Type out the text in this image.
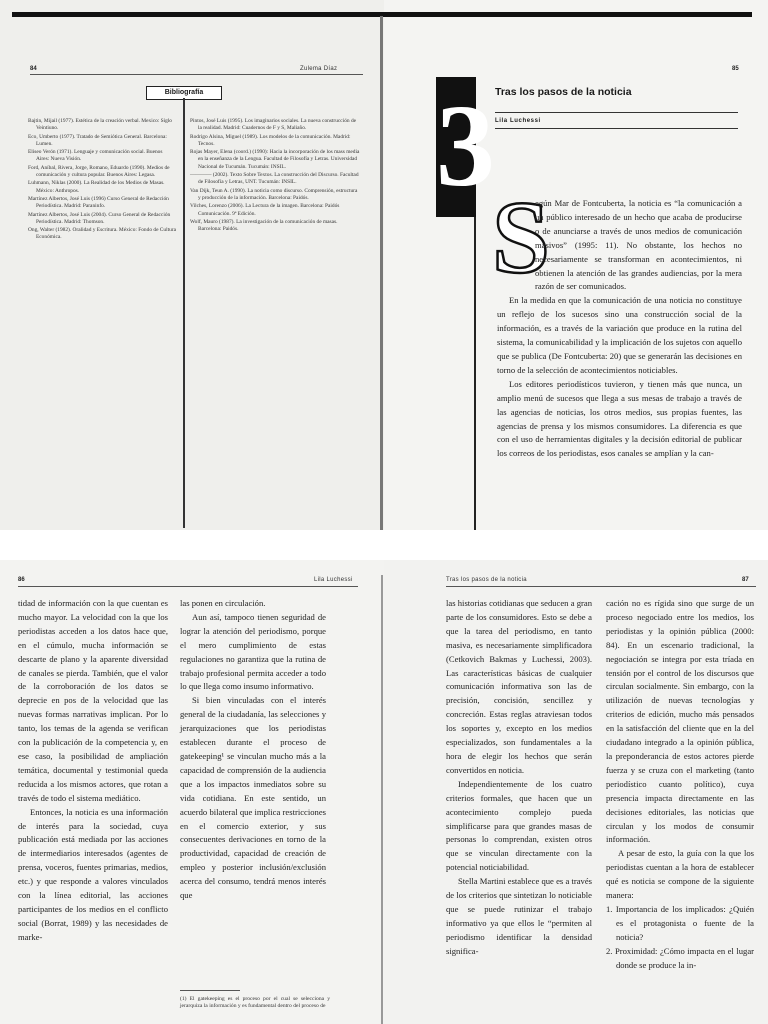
84	Zulema Díaz
Bibliografía

Bajtin, Mijail (1977). Estética de la creación verbal. Mexico: Siglo Veintiuno.

Eco, Umberto (1977). Tratado de Semiótica General. Barcelona: Lumen.

Eliseo Verón (1971). Lenguaje y comunicación social. Buenos Aires: Nueva Visión.

Ford, Aníbal, Rivera, Jorge, Romano, Eduardo (1990). Medios de comunicación y cultura popular. Buenos Aires: Legasa.

Luhmann, Niklas (2000). La Realidad de los Medios de Masas. México: Anthropos.

Martínez Albertos, José Luis (1996) Curso General de Redacción Periodística. Madrid: Paraninfo.

Martínez Albertos, José Luis (2004). Curso General de Redacción Periodística. Madrid: Thomson.

Ong, Walter (1982). Oralidad y Escritura. México: Fondo de Cultura Económica.

Pintos, José Luis (1995). Los imaginarios sociales. La nueva construcción de la realidad. Madrid: Cuadernos de F y S, Maliaño.

Rodrigo Alsina, Miguel (1989). Los modelos de la comunicación. Madrid: Tecnos.

Rojas Mayer, Elena (coord.) (1990): Hacia la incorporación de los mass media en la enseñanza de la Lengua. Facultad de Filosofía y Letras. Universidad Nacional de Tucumán. Tucumán: INSIL.

———— (2002). Texto Sobre Textos. La construcción del Discurso. Facultad de Filosofía y Letras, UNT. Tucumán: INSIL.

Van Dijk, Teun A. (1990). La noticia como discurso. Comprensión, estructura y producción de la información. Barcelona: Paidós.

Vilches, Lorenzo (2006). La Lectura de la imagen. Barcelona: Paidós Comunicación. 9ª Edición.

Wolf, Mauro (1987). La investigación de la comunicación de masas. Barcelona: Paidós.

85
3 Tras los pasos de la noticia
Lila Luchessi
S

egún Mar de Fontcuberta, la noticia es “la comunicación a un público interesado de un hecho que acaba de producirse o de anunciarse a través de unos medios de comunicación masivos” (1995: 11). No obstante, los hechos no necesariamente se transforman en acontecimientos, ni obtienen la atención de las grandes audiencias, por la mera razón de ser comunicados.

En la medida en que la comunicación de una noticia no constituye un reflejo de los sucesos sino una construcción social de la información, es a través de la variación que produce en la rutina del sistema, la comunicabilidad y la implicación de los sujetos con aquello que se publica (De Fontcuberta: 20) que se generarán las decisiones en torno de la selección de acontecimientos noticiables.

Los editores periodísticos tuvieron, y tienen más que nunca, un amplio menú de sucesos que llega a sus mesas de trabajo a través de las agencias de noticias, los otros medios, sus propias fuentes, las agencias de prensa y los mismos consumidores. La diferencia es que con el uso de herramientas digitales y la decisión editorial de publicar los correos de los periodistas, esos canales se amplían y la can-

86	Lila Luchessi

tidad de información con la que cuentan es mucho mayor. La velocidad con la que los periodistas acceden a los datos hace que, en el cúmulo, mucha información se descarte de plano y la aparente diversidad de canales se pierda. También, que el valor de la corroboración de los datos se deprecie en pos de la velocidad que las nuevas formas narrativas implican. Por lo tanto, los temas de la agenda se verifican con la publicación de la competencia y, en ese caso, la posibilidad de ampliación temática, documental y testimonial queda reducida a los mismos actores, que rotan a través de todo el sistema mediático.

Entonces, la noticia es una información de interés para la sociedad, cuya publicación está mediada por las acciones de intermediarios interesados (agentes de prensa, voceros, fuentes primarias, medios, etc.) y que responde a valores vinculados con la línea editorial, las acciones participantes de los medios en el conflicto social (Borrat, 1989) y las necesidades de marke-

las ponen en circulación.

Aun así, tampoco tienen seguridad de lograr la atención del periodismo, porque el mero cumplimiento de estas regulaciones no garantiza que la rutina de trabajo profesional permita acceder a todo lo que llega como insumo informativo.

Si bien vinculadas con el interés general de la ciudadanía, las selecciones y jerarquizaciones que los periodistas establecen durante el proceso de gatekeeping¹ se vinculan mucho más a la capacidad de comprensión de la audiencia que a los impactos inmediatos sobre su vida cotidiana. En este sentido, un acuerdo bilateral que implica restricciones en el comercio exterior, y sus consecuentes derivaciones en torno de la productividad, capacidad de creación de empleo y posterior inclusión/exclusión acerca del consumo, tendrá menos interés que

(1) El gatekeeping es el proceso por el cual se selecciona y jerarquiza la información y es fundamental dentro del proceso de
Tras los pasos de la noticia	87

las historias cotidianas que seducen a gran parte de los consumidores. Esto se debe a que la tarea del periodismo, en tanto masiva, es necesariamente simplificadora (Cetkovich Bakmas y Luchessi, 2003). Las características básicas de cualquier comunicación informativa son las de precisión, concisión, sencillez y concreción. Estas reglas atraviesan todos los soportes y, excepto en los medios especializados, son fundamentales a la hora de elegir los hechos que serán convertidos en noticia.

Independientemente de los cuatro criterios formales, que hacen que un acontecimiento complejo pueda simplificarse para que grandes masas de personas lo comprendan, existen otros que se vinculan directamente con la potencial noticiabilidad.

Stella Martini establece que es a través de los criterios que sintetizan lo noticiable que se puede rutinizar el trabajo informativo ya que ellos le “permiten al periodismo identificar la densidad significa-

cación no es rígida sino que surge de un proceso negociado entre los medios, los periodistas y la opinión pública (2000: 84). En un escenario tradicional, la negociación se integra por esta tríada en tensión por el control de los discursos que circulan socialmente. Sin embargo, con la utilización de nuevas tecnologías y criterios de edición, mucho más pensados en la satisfacción del cliente que en la del ciudadano integrado a la opinión pública, la preponderancia de estos actores pierde fuerza y se cruza con el marketing (tanto periodístico cuanto político), cuya presencia impacta directamente en las decisiones editoriales, las noticias que circulan y los modos de consumir información.

A pesar de esto, la guía con la que los periodistas cuentan a la hora de establecer qué es noticia se compone de la siguiente manera:

1. Importancia de los implicados: ¿Quién es el protagonista o fuente de la noticia?

2. Proximidad: ¿Cómo impacta en el lugar donde se produce la in-
